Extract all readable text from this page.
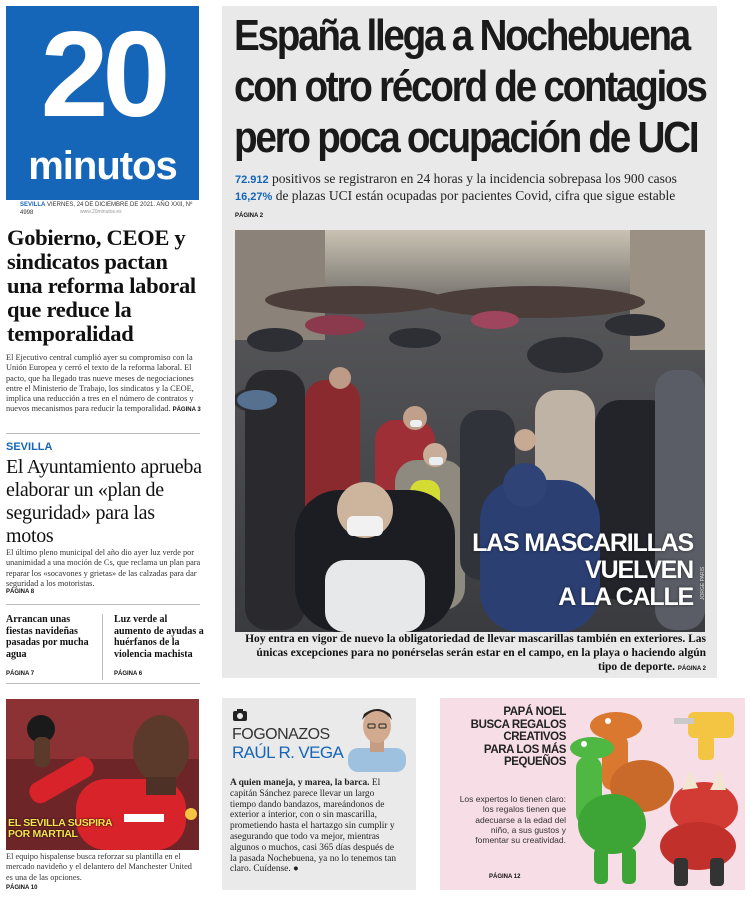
20
minutos
SEVILLA VIERNES, 24 DE DICIEMBRE DE 2021. AÑO XXII, Nº 4998	www.20minutos.es
España llega a Nochebuena
con otro récord de contagios
pero poca ocupación de UCI
72.912 positivos se registraron en 24 horas y la incidencia sobrepasa los 900 casos
16,27% de plazas UCI están ocupadas por pacientes Covid, cifra que sigue estable
PÁGINA 2
LAS MASCARILLAS
VUELVEN
A LA CALLE JORGE PARIS
Hoy entra en vigor de nuevo la obligatoriedad de llevar mascarillas también en exteriores. Las únicas excepciones para no ponérselas serán estar en el campo, en la playa o haciendo algún tipo de deporte. PÁGINA 2
Gobierno, CEOE y sindicatos pactan una reforma laboral que reduce la temporalidad
El Ejecutivo central cumplió ayer su compromiso con la Unión Europea y cerró el texto de la reforma laboral. El pacto, que ha llegado tras nueve meses de negociaciones entre el Ministerio de Trabajo, los sindicatos y la CEOE, implica una reducción a tres en el número de contratos y nuevos mecanismos para reducir la temporalidad. PÁGINA 3
SEVILLA
El Ayuntamiento aprueba elaborar un «plan de seguridad» para las motos
El último pleno municipal del año dio ayer luz verde por unanimidad a una moción de Cs, que reclama un plan para reparar los «socavones y grietas» de las calzadas para dar seguridad a los motoristas.
PÁGINA 8
Arrancan unas fiestas navideñas pasadas por mucha agua
PÁGINA 7
Luz verde al aumento de ayudas a huérfanos de la violencia machista
PÁGINA 6
EL SEVILLA SUSPIRA
POR MARTIAL
El equipo hispalense busca reforzar su plantilla en el mercado navideño y el delantero del Manchester United es una de las opciones.
PÁGINA 10
FOGONAZOS
RAÚL R. VEGA
A quien maneja, y marea, la barca. El capitán Sánchez parece llevar un largo tiempo dando bandazos, mareándonos de exterior a interior, con o sin mascarilla, prometiendo hasta el hartazgo sin cumplir y asegurando que todo va mejor, mientras algunos o muchos, casi 365 días después de la pasada Nochebuena, ya no lo tenemos tan claro. Cuídense. ●
PAPÁ NOEL
BUSCA REGALOS
CREATIVOS
PARA LOS MÁS
PEQUEÑOS
Los expertos lo tienen claro: los regalos tienen que adecuarse a la edad del niño, a sus gustos y fomentar su creatividad.
PÁGINA 12
